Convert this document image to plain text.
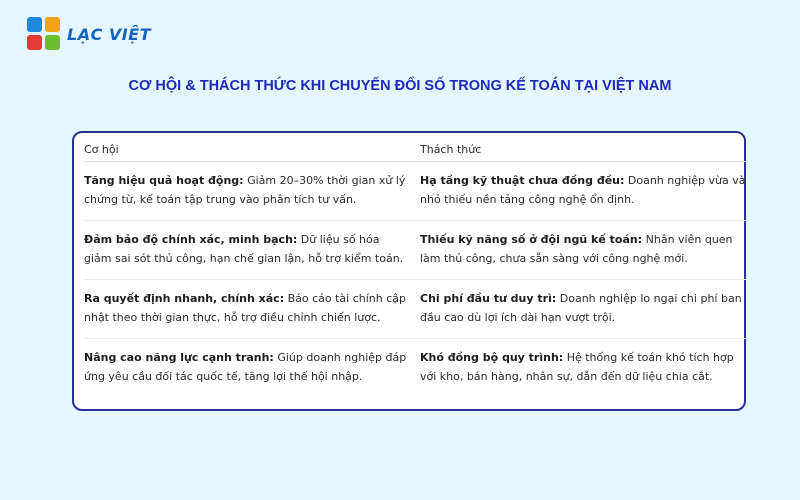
LẠC VIỆT
CƠ HỘI & THÁCH THỨC KHI CHUYỂN ĐỔI SỐ TRONG KẾ TOÁN TẠI VIỆT NAM
Cơ hội	Thách thức
Tăng hiệu quả hoạt động: Giảm 20–30% thời gian xử lý chứng từ, kế toán tập trung vào phân tích tư vấn.
Hạ tầng kỹ thuật chưa đồng đều: Doanh nghiệp vừa và nhỏ thiếu nền tảng công nghệ ổn định.
Đảm bảo độ chính xác, minh bạch: Dữ liệu số hóa giảm sai sót thủ công, hạn chế gian lận, hỗ trợ kiểm toán.
Thiếu kỹ năng số ở đội ngũ kế toán: Nhân viên quen làm thủ công, chưa sẵn sàng với công nghệ mới.
Ra quyết định nhanh, chính xác: Báo cáo tài chính cập nhật theo thời gian thực, hỗ trợ điều chỉnh chiến lược.
Chi phí đầu tư duy trì: Doanh nghiệp lo ngại chi phí ban đầu cao dù lợi ích dài hạn vượt trội.
Nâng cao năng lực cạnh tranh: Giúp doanh nghiệp đáp ứng yêu cầu đối tác quốc tế, tăng lợi thế hội nhập.
Khó đồng bộ quy trình: Hệ thống kế toán khó tích hợp với kho, bán hàng, nhân sự, dẫn đến dữ liệu chia cắt.
